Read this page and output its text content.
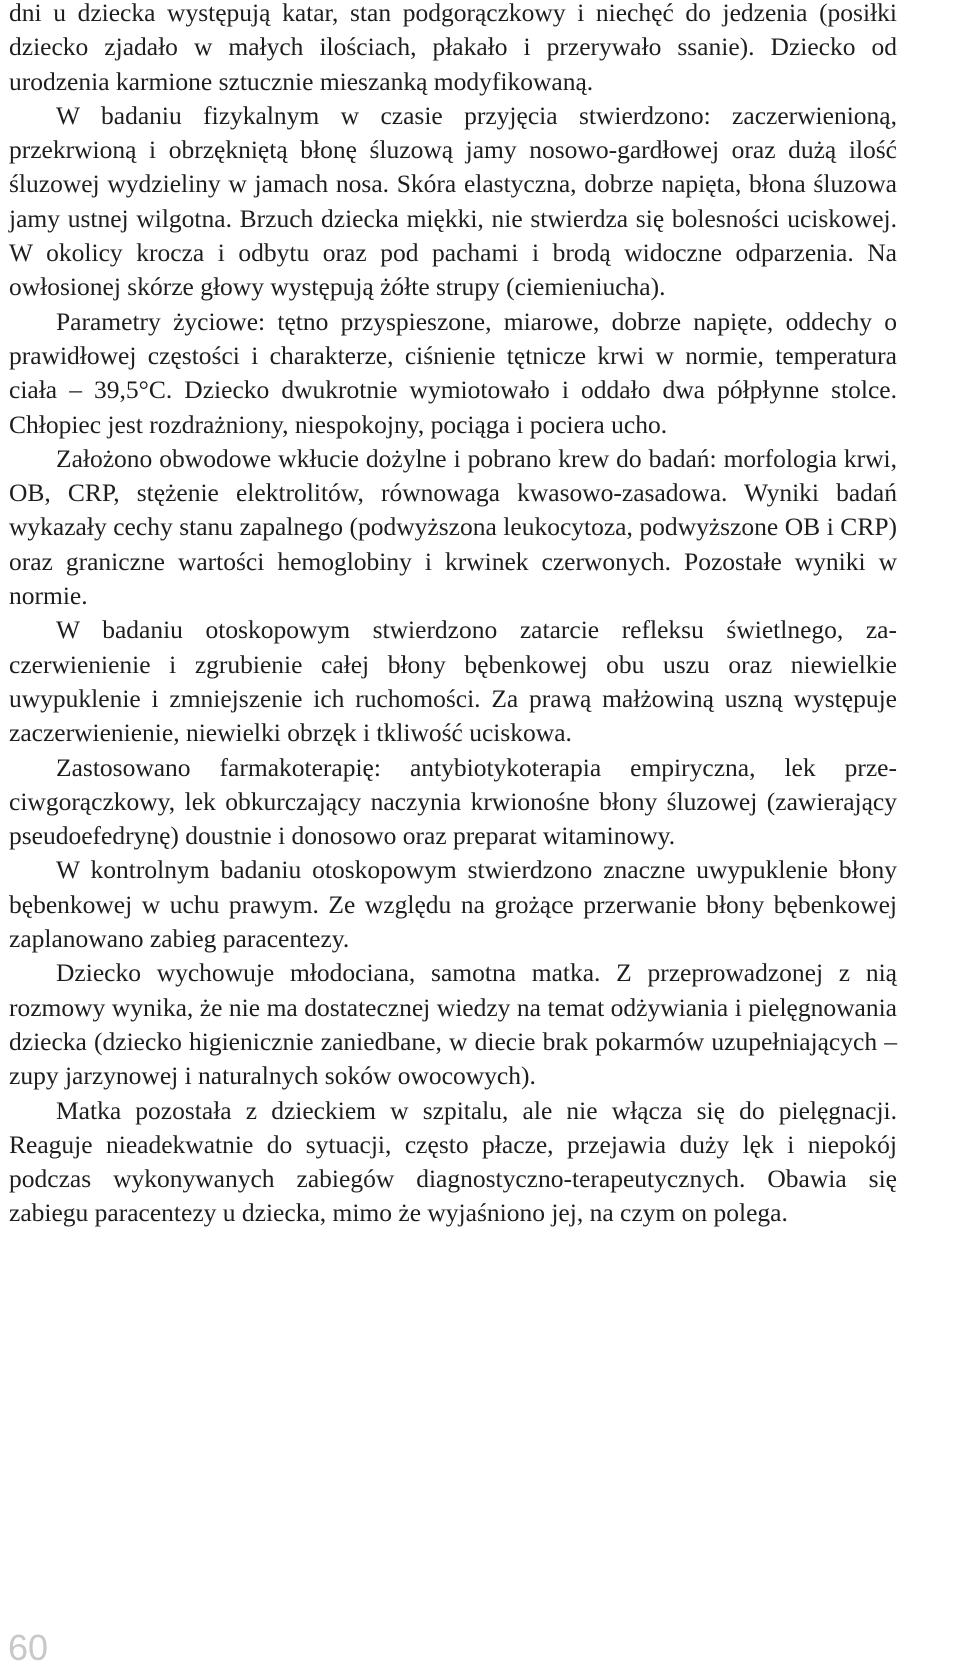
dni u dziecka występują katar, stan podgorączkowy i niechęć do jedzenia (posiłki dziecko zjadało w małych ilościach, płakało i przerywało ssanie). Dziecko od urodzenia karmione sztucznie mieszanką modyfikowaną.

W badaniu fizykalnym w czasie przyjęcia stwierdzono: zaczerwienioną, przekrwioną i obrzękniętą błonę śluzową jamy nosowo-gardłowej oraz dużą ilość śluzowej wydzieliny w jamach nosa. Skóra elastyczna, dobrze napięta, błona śluzowa jamy ustnej wilgotna. Brzuch dziecka miękki, nie stwierdza się bolesności uciskowej. W okolicy krocza i odbytu oraz pod pachami i brodą widoczne odparzenia. Na owłosionej skórze głowy występują żółte strupy (ciemieniucha).

Parametry życiowe: tętno przyspieszone, miarowe, dobrze napięte, oddechy o prawidłowej częstości i charakterze, ciśnienie tętnicze krwi w normie, temperatura ciała – 39,5°C. Dziecko dwukrotnie wymiotowało i oddało dwa półpłynne stolce. Chłopiec jest rozdrażniony, niespokojny, pociąga i pociera ucho.

Założono obwodowe wkłucie dożylne i pobrano krew do badań: morfologia krwi, OB, CRP, stężenie elektrolitów, równowaga kwasowo-zasadowa. Wyniki badań wykazały cechy stanu zapalnego (podwyższona leukocytoza, podwyższone OB i CRP) oraz graniczne wartości hemoglobiny i krwinek czerwonych. Pozostałe wyniki w normie.

W badaniu otoskopowym stwierdzono zatarcie refleksu świetlnego, zaczerwienienie i zgrubienie całej błony bębenkowej obu uszu oraz niewielkie uwypuklenie i zmniejszenie ich ruchomości. Za prawą małżowiną uszną występuje zaczerwienienie, niewielki obrzęk i tkliwość uciskowa.

Zastosowano farmakoterapię: antybiotykoterapia empiryczna, lek przeciwgorączkowy, lek obkurczający naczynia krwionośne błony śluzowej (zawierający pseudoefedrynę) doustnie i donosowo oraz preparat witaminowy.

W kontrolnym badaniu otoskopowym stwierdzono znaczne uwypuklenie błony bębenkowej w uchu prawym. Ze względu na grożące przerwanie błony bębenkowej zaplanowano zabieg paracentezy.

Dziecko wychowuje młodociana, samotna matka. Z przeprowadzonej z nią rozmowy wynika, że nie ma dostatecznej wiedzy na temat odżywiania i pielęgnowania dziecka (dziecko higienicznie zaniedbane, w diecie brak pokarmów uzupełniających – zupy jarzynowej i naturalnych soków owocowych).

Matka pozostała z dzieckiem w szpitalu, ale nie włącza się do pielęgnacji. Reaguje nieadekwatnie do sytuacji, często płacze, przejawia duży lęk i niepokój podczas wykonywanych zabiegów diagnostyczno-terapeutycznych. Obawia się zabiegu paracentezy u dziecka, mimo że wyjaśniono jej, na czym on polega.

60
